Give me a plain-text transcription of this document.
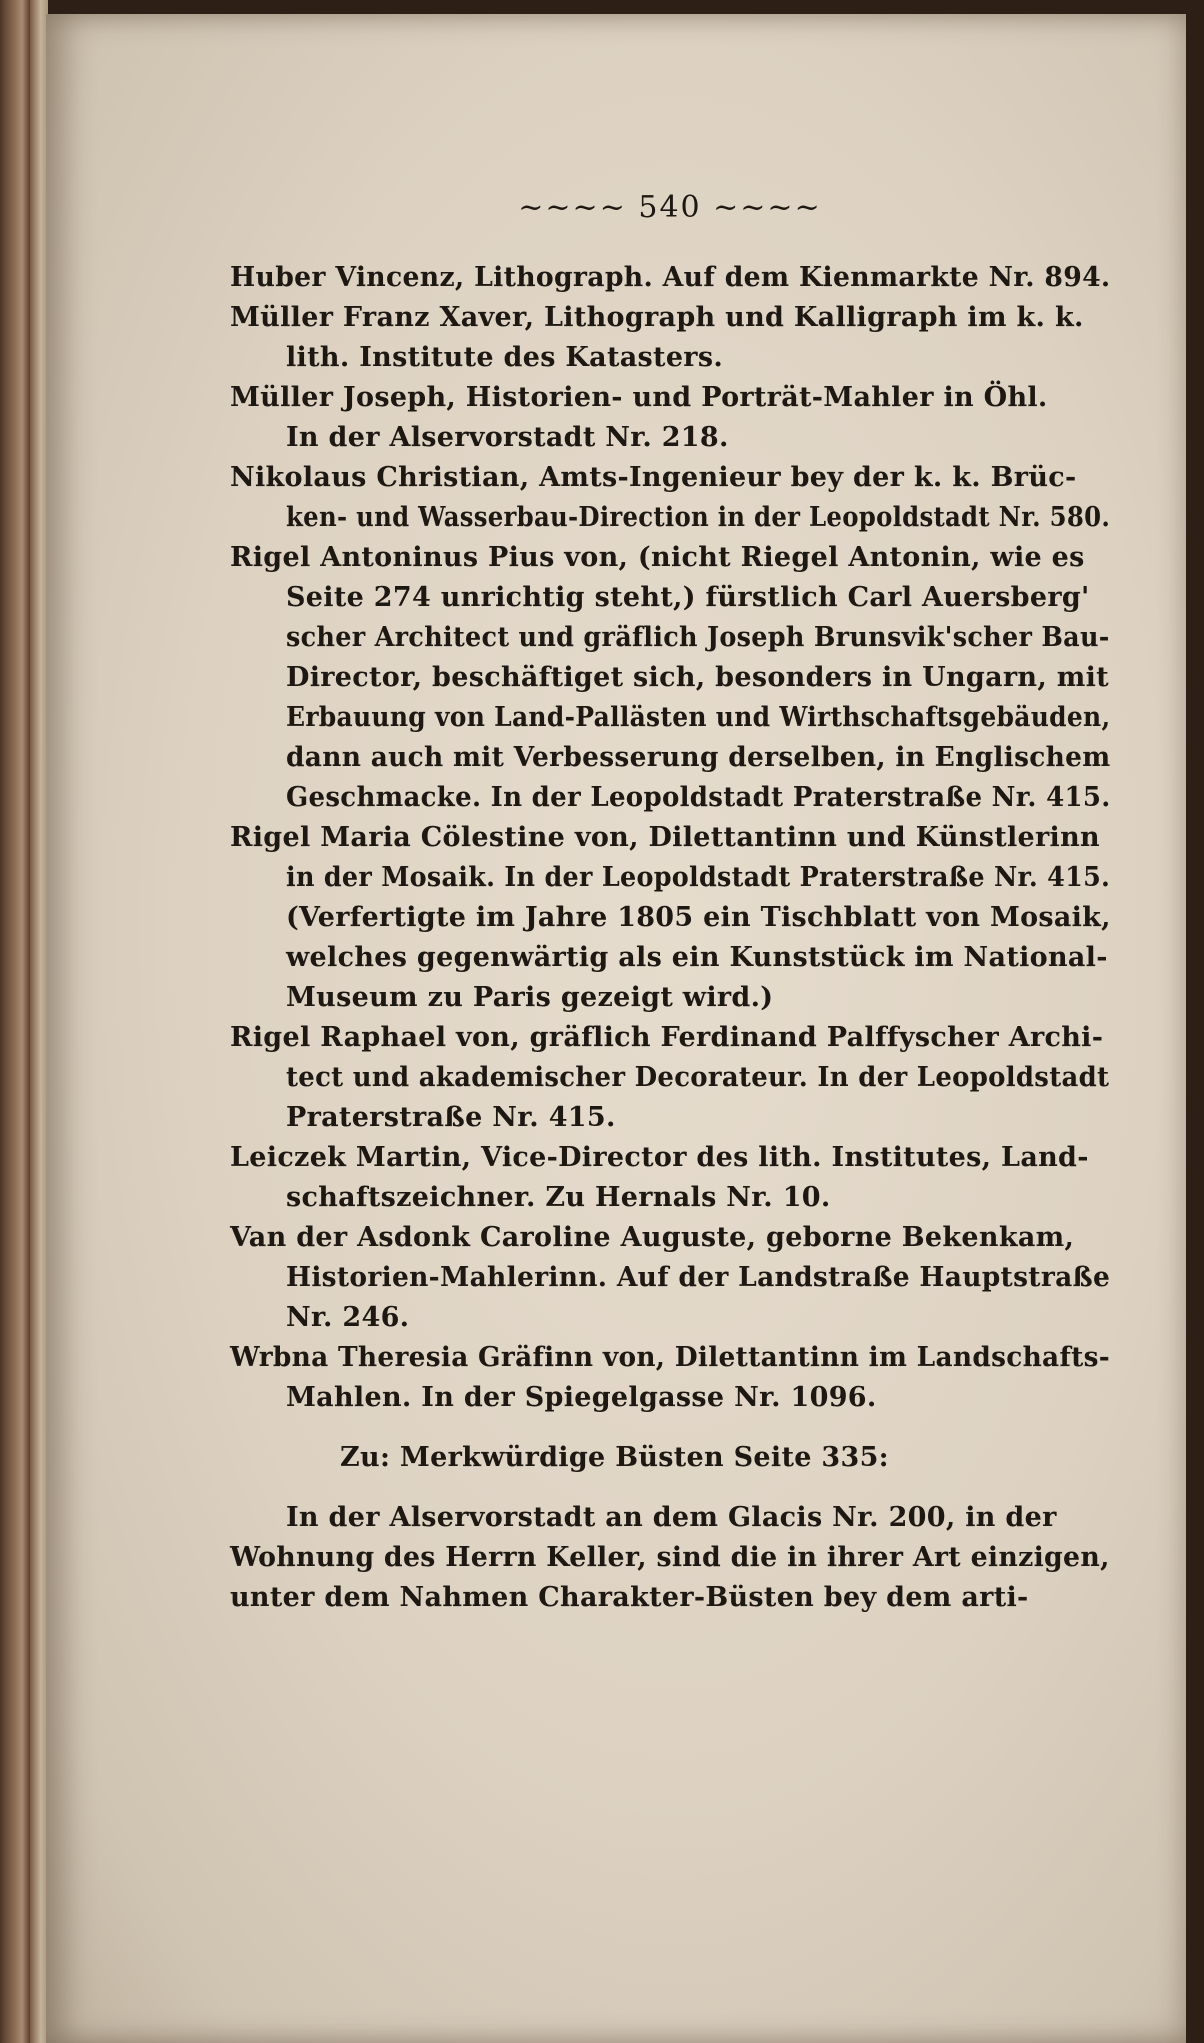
~~~~ 540 ~~~~
Huber Vincenz, Lithograph. Auf dem Kienmarkte Nr. 894.
Müller Franz Xaver, Lithograph und Kalligraph im k. k.
lith. Institute des Katasters.
Müller Joseph, Historien- und Porträt-Mahler in Öhl.
In der Alservorstadt Nr. 218.
Nikolaus Christian, Amts-Ingenieur bey der k. k. Brüc-
ken- und Wasserbau-Direction in der Leopoldstadt Nr. 580.
Rigel Antoninus Pius von, (nicht Riegel Antonin, wie es
Seite 274 unrichtig steht,) fürstlich Carl Auersberg'
scher Architect und gräflich Joseph Brunsvik'scher Bau-
Director, beschäftiget sich, besonders in Ungarn, mit
Erbauung von Land-Pallästen und Wirthschaftsgebäuden,
dann auch mit Verbesserung derselben, in Englischem
Geschmacke. In der Leopoldstadt Praterstraße Nr. 415.
Rigel Maria Cölestine von, Dilettantinn und Künstlerinn
in der Mosaik. In der Leopoldstadt Praterstraße Nr. 415.
(Verfertigte im Jahre 1805 ein Tischblatt von Mosaik,
welches gegenwärtig als ein Kunststück im National-
Museum zu Paris gezeigt wird.)
Rigel Raphael von, gräflich Ferdinand Palffyscher Archi-
tect und akademischer Decorateur. In der Leopoldstadt
Praterstraße Nr. 415.
Leiczek Martin, Vice-Director des lith. Institutes, Land-
schaftszeichner. Zu Hernals Nr. 10.
Van der Asdonk Caroline Auguste, geborne Bekenkam,
Historien-Mahlerinn. Auf der Landstraße Hauptstraße
Nr. 246.
Wrbna Theresia Gräfinn von, Dilettantinn im Landschafts-
Mahlen. In der Spiegelgasse Nr. 1096.
Zu: Merkwürdige Büsten Seite 335:
In der Alservorstadt an dem Glacis Nr. 200, in der
Wohnung des Herrn Keller, sind die in ihrer Art einzigen,
unter dem Nahmen Charakter-Büsten bey dem arti-
